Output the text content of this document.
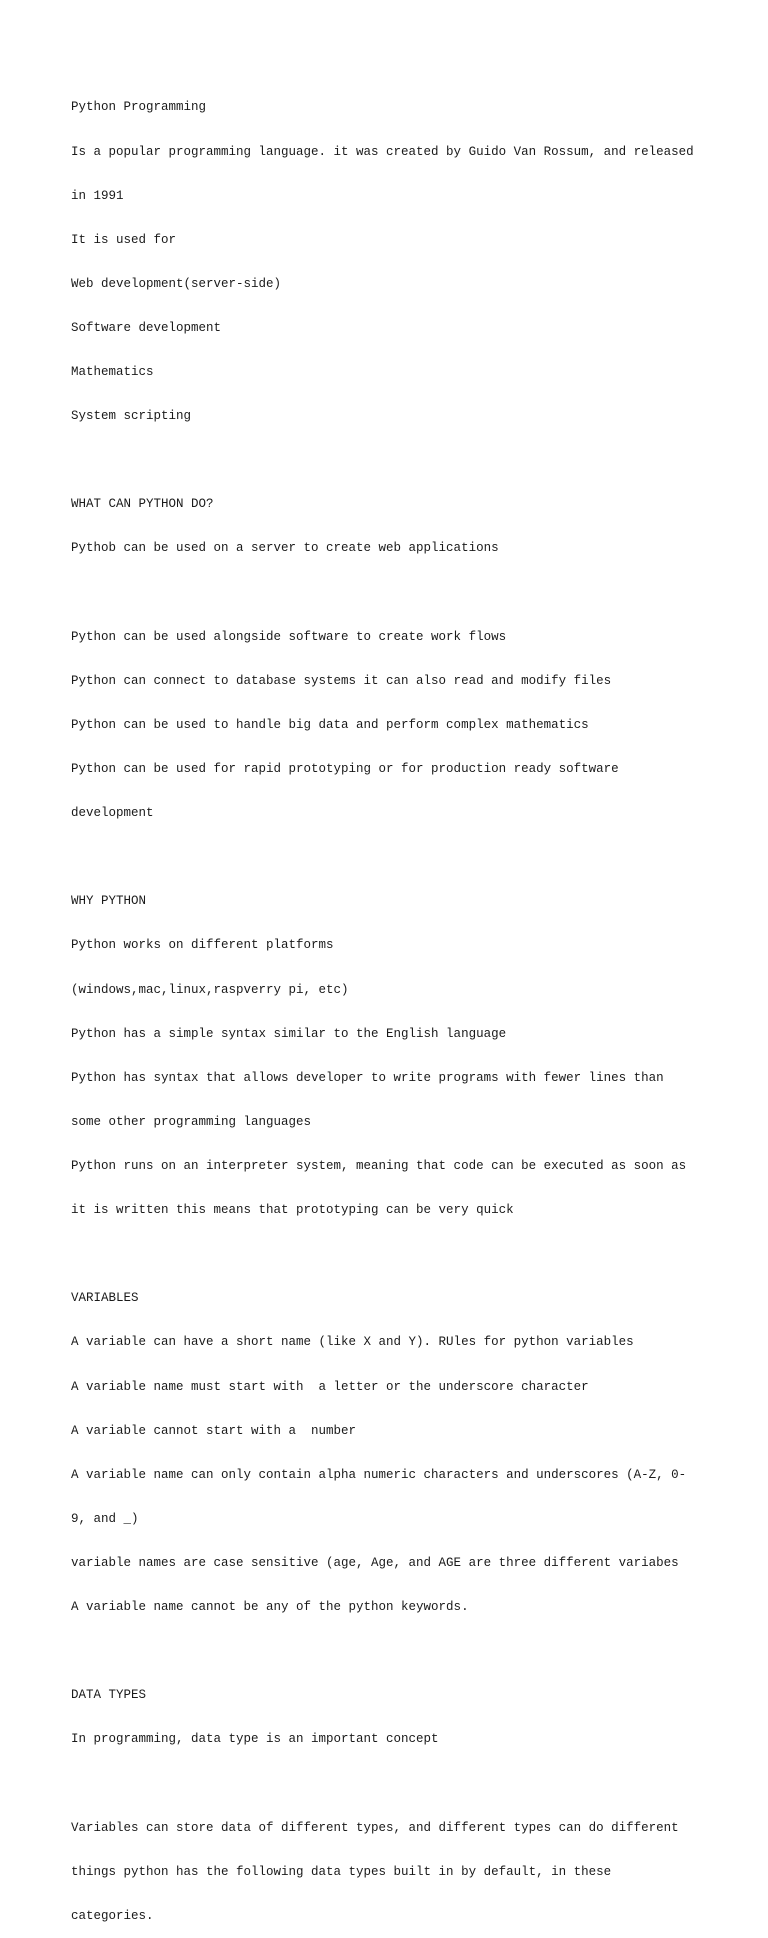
Python Programming

Is a popular programming language. it was created by Guido Van Rossum, and released

in 1991

It is used for

Web development(server-side)

Software development

Mathematics

System scripting

WHAT CAN PYTHON DO?

Pythob can be used on a server to create web applications

Python can be used alongside software to create work flows

Python can connect to database systems it can also read and modify files

Python can be used to handle big data and perform complex mathematics

Python can be used for rapid prototyping or for production ready software

development

WHY PYTHON

Python works on different platforms

(windows,mac,linux,raspverry pi, etc)

Python has a simple syntax similar to the English language

Python has syntax that allows developer to write programs with fewer lines than

some other programming languages

Python runs on an interpreter system, meaning that code can be executed as soon as

it is written this means that prototyping can be very quick

VARIABLES

A variable can have a short name (like X and Y). RUles for python variables

A variable name must start with  a letter or the underscore character

A variable cannot start with a  number

A variable name can only contain alpha numeric characters and underscores (A-Z, 0-

9, and _)

variable names are case sensitive (age, Age, and AGE are three different variabes

A variable name cannot be any of the python keywords.

DATA TYPES

In programming, data type is an important concept

Variables can store data of different types, and different types can do different

things python has the following data types built in by default, in these

categories.
